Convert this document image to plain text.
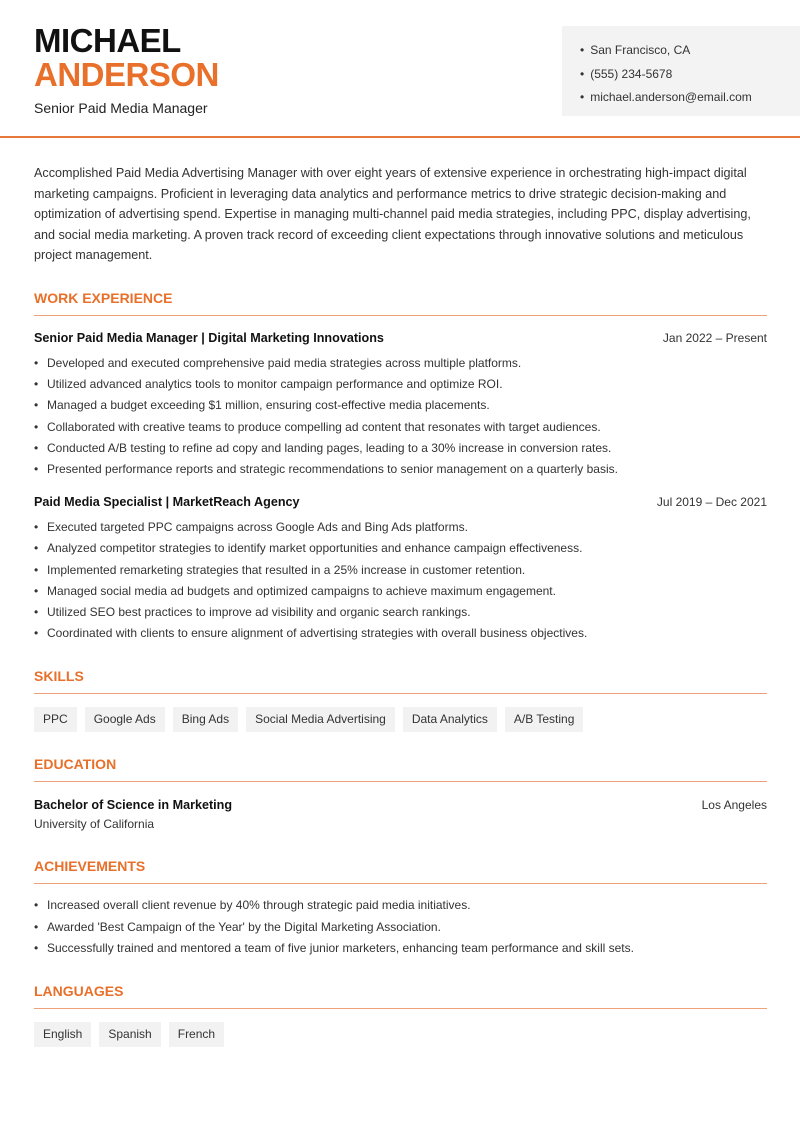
MICHAEL
ANDERSON
Senior Paid Media Manager
• San Francisco, CA
• (555) 234-5678
• michael.anderson@email.com

Accomplished Paid Media Advertising Manager with over eight years of extensive experience in orchestrating high-impact digital marketing campaigns. Proficient in leveraging data analytics and performance metrics to drive strategic decision-making and optimization of advertising spend. Expertise in managing multi-channel paid media strategies, including PPC, display advertising, and social media marketing. A proven track record of exceeding client expectations through innovative solutions and meticulous project management.

WORK EXPERIENCE
Senior Paid Media Manager | Digital Marketing Innovations	Jan 2022 – Present
• Developed and executed comprehensive paid media strategies across multiple platforms.
• Utilized advanced analytics tools to monitor campaign performance and optimize ROI.
• Managed a budget exceeding $1 million, ensuring cost-effective media placements.
• Collaborated with creative teams to produce compelling ad content that resonates with target audiences.
• Conducted A/B testing to refine ad copy and landing pages, leading to a 30% increase in conversion rates.
• Presented performance reports and strategic recommendations to senior management on a quarterly basis.
Paid Media Specialist | MarketReach Agency	Jul 2019 – Dec 2021
• Executed targeted PPC campaigns across Google Ads and Bing Ads platforms.
• Analyzed competitor strategies to identify market opportunities and enhance campaign effectiveness.
• Implemented remarketing strategies that resulted in a 25% increase in customer retention.
• Managed social media ad budgets and optimized campaigns to achieve maximum engagement.
• Utilized SEO best practices to improve ad visibility and organic search rankings.
• Coordinated with clients to ensure alignment of advertising strategies with overall business objectives.
SKILLS
PPC	Google Ads	Bing Ads	Social Media Advertising	Data Analytics	A/B Testing
EDUCATION
Bachelor of Science in Marketing	Los Angeles
University of California
ACHIEVEMENTS
• Increased overall client revenue by 40% through strategic paid media initiatives.
• Awarded 'Best Campaign of the Year' by the Digital Marketing Association.
• Successfully trained and mentored a team of five junior marketers, enhancing team performance and skill sets.
LANGUAGES
English	Spanish	French
